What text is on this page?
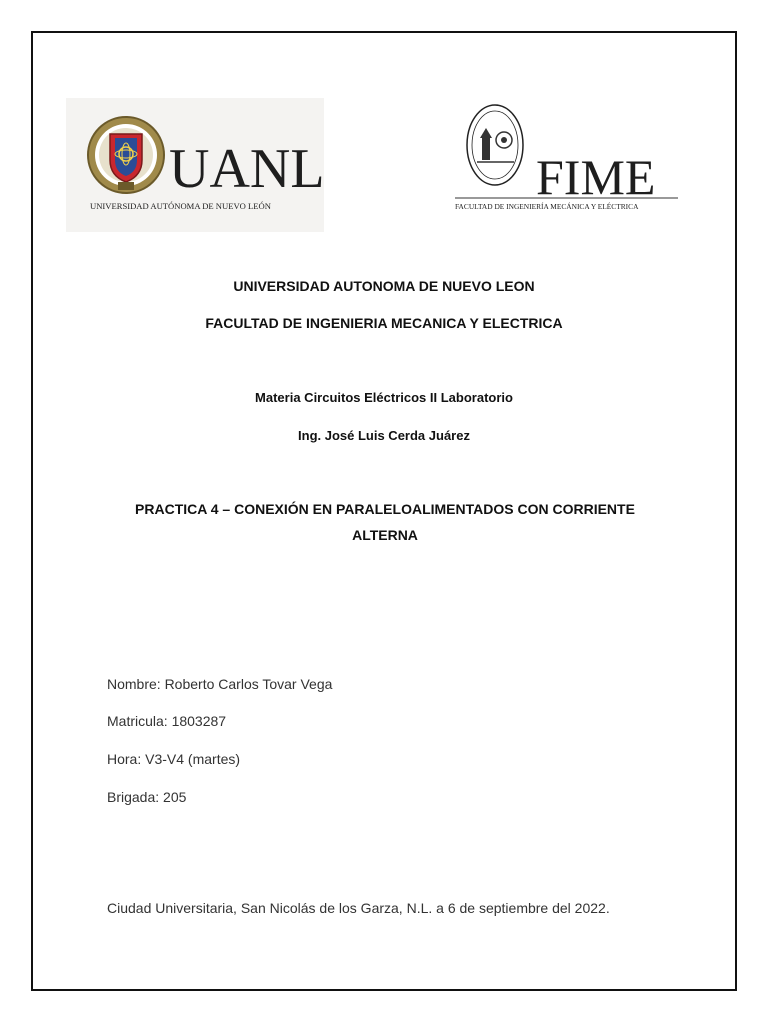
UANL
UNIVERSIDAD AUTÓNOMA DE NUEVO LEÓN
FIME
FACULTAD DE INGENIERÍA MECÁNICA Y ELÉCTRICA
UNIVERSIDAD AUTONOMA DE NUEVO LEON
FACULTAD DE INGENIERIA MECANICA Y ELECTRICA
Materia Circuitos Eléctricos II Laboratorio
Ing. José Luis Cerda Juárez
PRACTICA 4 – CONEXIÓN EN PARALELOALIMENTADOS CON CORRIENTE
ALTERNA
Nombre: Roberto Carlos Tovar Vega
Matricula: 1803287
Hora: V3-V4 (martes)
Brigada: 205
Ciudad Universitaria, San Nicolás de los Garza, N.L. a 6 de septiembre del 2022.
